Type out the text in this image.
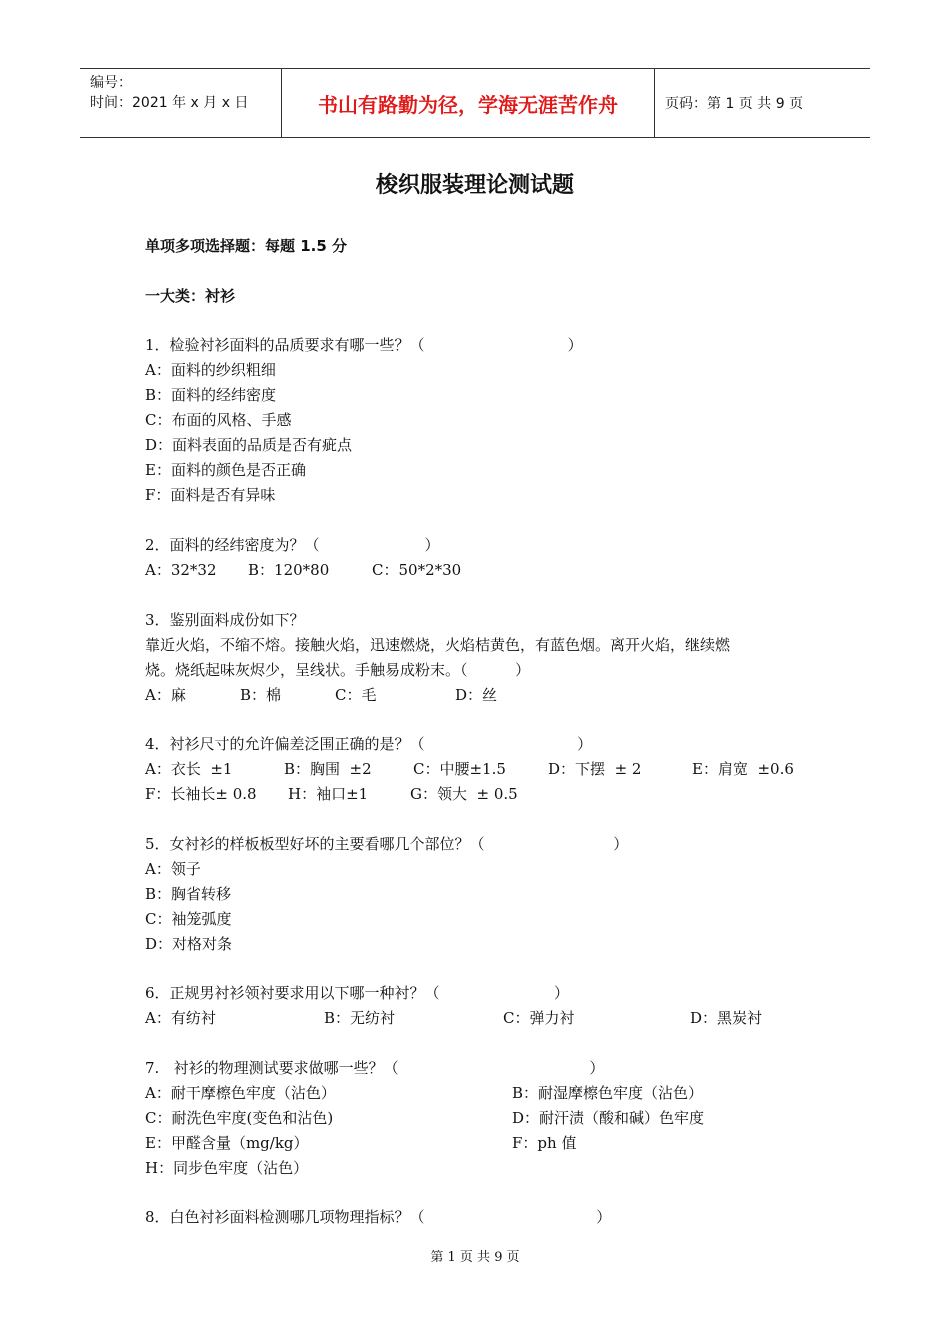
编号：
时间：2021 年 x 月 x 日	书山有路勤为径，学海无涯苦作舟	页码：第 1 页 共 9 页
梭织服装理论测试题
单项多项选择题：每题 1.5 分
一大类：衬衫
1．检验衬衫面料的品质要求有哪一些？（                              ）
A：面料的纱织粗细
B：面料的经纬密度
C：布面的风格、手感
D：面料表面的品质是否有疵点
E：面料的颜色是否正确
F：面料是否有异味
2．面料的经纬密度为？（                      ）
A：32*32 B：120*80	C：50*2*30
3．鉴别面料成份如下？
靠近火焰，不缩不熔。接触火焰，迅速燃烧，火焰桔黄色，有蓝色烟。离开火焰，继续燃
烧。烧纸起味灰烬少，呈线状。手触易成粉末。（          ）
A：麻	B：棉	C：毛	D：丝
4．衬衫尺寸的允许偏差泛围正确的是？（                                ）
A：衣长  ±1	B：胸围  ±2	C：中腰±1.5	D：下摆  ± 2	E：肩宽  ±0.6
F：长袖长± 0.8 H：袖口±1	G：领大  ± 0.5
5．女衬衫的样板板型好坏的主要看哪几个部位？（                           ）
A：领子
B：胸省转移
C：袖笼弧度
D：对格对条
6．正规男衬衫领衬要求用以下哪一种衬？（                        ）
A：有纺衬	B：无纺衬	C：弹力衬	D：黑炭衬
7.   衬衫的物理测试要求做哪一些？（                                        ）
A：耐干摩檫色牢度（沾色）	B：耐湿摩檫色牢度（沾色）
C：耐洗色牢度(变色和沾色)	D：耐汗渍（酸和碱）色牢度
E：甲醛含量（mg/kg）	F：ph 值
H：同步色牢度（沾色）
8．白色衬衫面料检测哪几项物理指标？（                                    ）
第 1 页 共 9 页
